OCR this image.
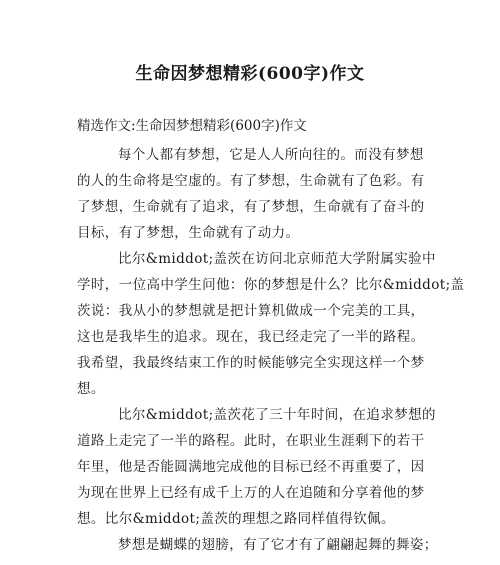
生命因梦想精彩(600字)作文
精选作文:生命因梦想精彩(600字)作文
每个人都有梦想，它是人人所向往的。而没有梦想
的人的生命将是空虚的。有了梦想，生命就有了色彩。有
了梦想，生命就有了追求，有了梦想，生命就有了奋斗的
目标，有了梦想，生命就有了动力。
比尔&middot;盖茨在访问北京师范大学附属实验中
学时，一位高中学生问他：你的梦想是什么？比尔&middot;盖
茨说：我从小的梦想就是把计算机做成一个完美的工具，
这也是我毕生的追求。现在，我已经走完了一半的路程。
我希望，我最终结束工作的时候能够完全实现这样一个梦
想。
比尔&middot;盖茨花了三十年时间，在追求梦想的
道路上走完了一半的路程。此时，在职业生涯剩下的若干
年里，他是否能圆满地完成他的目标已经不再重要了，因
为现在世界上已经有成千上万的人在追随和分享着他的梦
想。比尔&middot;盖茨的理想之路同样值得钦佩。
梦想是蝴蝶的翅膀，有了它才有了翩翩起舞的舞姿；
